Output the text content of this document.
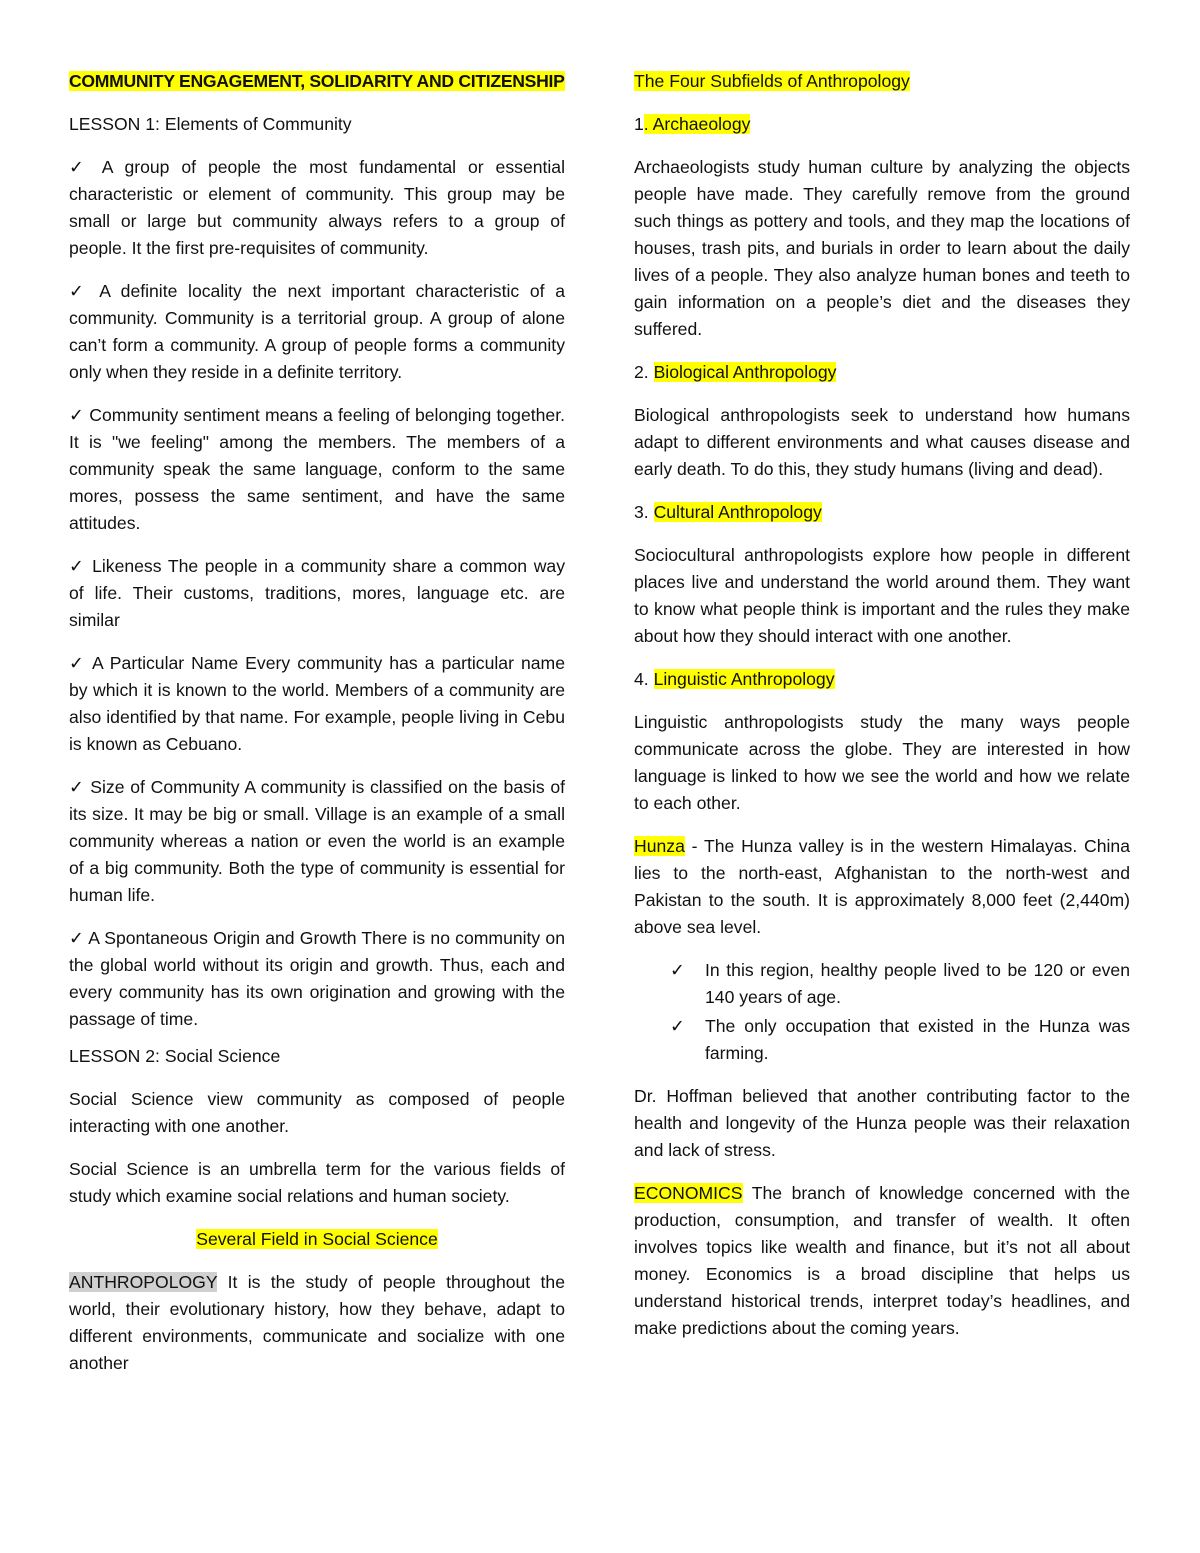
COMMUNITY ENGAGEMENT, SOLIDARITY AND CITIZENSHIP

LESSON 1: Elements of Community

✓ A group of people the most fundamental or essential characteristic or element of community. This group may be small or large but community always refers to a group of people. It the first pre-requisites of community.

✓ A definite locality the next important characteristic of a community. Community is a territorial group. A group of alone can’t form a community. A group of people forms a community only when they reside in a definite territory.

✓ Community sentiment means a feeling of belonging together. It is "we feeling" among the members. The members of a community speak the same language, conform to the same mores, possess the same sentiment, and have the same attitudes.

✓ Likeness The people in a community share a common way of life. Their customs, traditions, mores, language etc. are similar

✓ A Particular Name Every community has a particular name by which it is known to the world. Members of a community are also identified by that name. For example, people living in Cebu is known as Cebuano.

✓ Size of Community A community is classified on the basis of its size. It may be big or small. Village is an example of a small community whereas a nation or even the world is an example of a big community. Both the type of community is essential for human life.

✓ A Spontaneous Origin and Growth There is no community on the global world without its origin and growth. Thus, each and every community has its own origination and growing with the passage of time.

LESSON 2: Social Science

Social Science view community as composed of people interacting with one another.

Social Science is an umbrella term for the various fields of study which examine social relations and human society.

Several Field in Social Science

ANTHROPOLOGY It is the study of people throughout the world, their evolutionary history, how they behave, adapt to different environments, communicate and socialize with one another

The Four Subfields of Anthropology

1. Archaeology

Archaeologists study human culture by analyzing the objects people have made. They carefully remove from the ground such things as pottery and tools, and they map the locations of houses, trash pits, and burials in order to learn about the daily lives of a people. They also analyze human bones and teeth to gain information on a people’s diet and the diseases they suffered.

2. Biological Anthropology

Biological anthropologists seek to understand how humans adapt to different environments and what causes disease and early death. To do this, they study humans (living and dead).

3. Cultural Anthropology

Sociocultural anthropologists explore how people in different places live and understand the world around them. They want to know what people think is important and the rules they make about how they should interact with one another.

4. Linguistic Anthropology

Linguistic anthropologists study the many ways people communicate across the globe. They are interested in how language is linked to how we see the world and how we relate to each other.

Hunza - The Hunza valley is in the western Himalayas. China lies to the north-east, Afghanistan to the north-west and Pakistan to the south. It is approximately 8,000 feet (2,440m) above sea level.

✓ In this region, healthy people lived to be 120 or even 140 years of age.
✓ The only occupation that existed in the Hunza was farming.

Dr. Hoffman believed that another contributing factor to the health and longevity of the Hunza people was their relaxation and lack of stress.

ECONOMICS The branch of knowledge concerned with the production, consumption, and transfer of wealth. It often involves topics like wealth and finance, but it’s not all about money. Economics is a broad discipline that helps us understand historical trends, interpret today’s headlines, and make predictions about the coming years.
